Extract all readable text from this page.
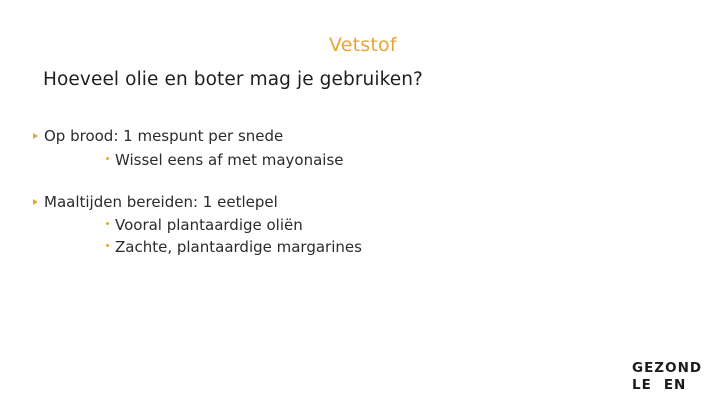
Vetstof
Hoeveel olie en boter mag je gebruiken?
Op brood: 1 mespunt per snede
Wissel eens af met mayonaise
Maaltijden bereiden: 1 eetlepel
Vooral plantaardige oliën
Zachte, plantaardige margarines
GEZOND
LE EN
